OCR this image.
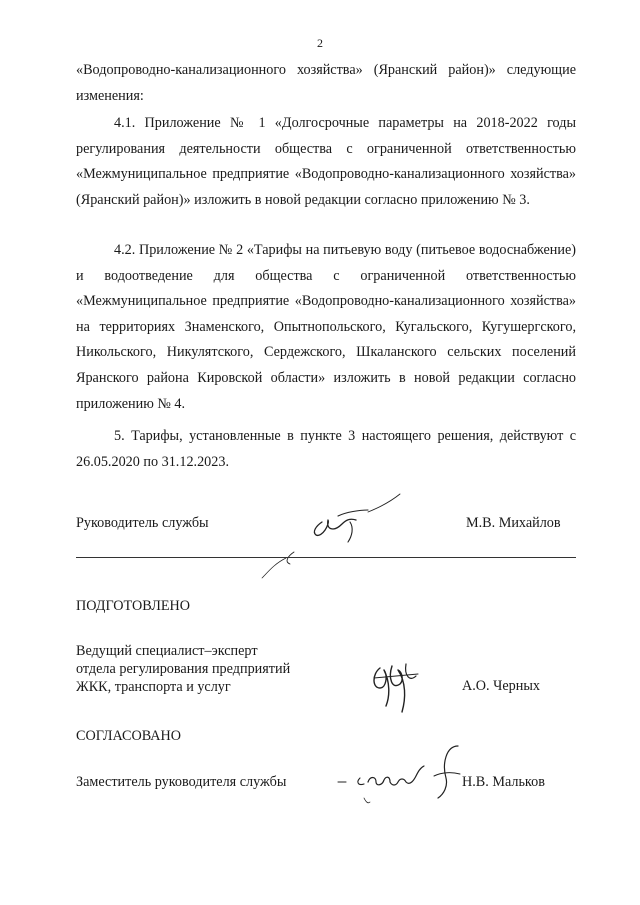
2

«Водопроводно-канализационного хозяйства» (Яранский район)» следующие изменения:

4.1. Приложение № 1 «Долгосрочные параметры на 2018-2022 годы регулирования деятельности общества с ограниченной ответственностью «Межмуниципальное предприятие «Водопроводно-канализационного хозяйства» (Яранский район)» изложить в новой редакции согласно приложению № 3.

4.2. Приложение № 2 «Тарифы на питьевую воду (питьевое водоснабжение) и водоотведение для общества с ограниченной ответственностью «Межмуниципальное предприятие «Водопроводно-канализационного хозяйства» на территориях Знаменского, Опытнопольского, Кугальского, Кугушергского, Никольского, Никулятского, Сердежского, Шкаланского сельских поселений Яранского района Кировской области» изложить в новой редакции согласно приложению № 4.

5. Тарифы, установленные в пункте 3 настоящего решения, действуют с 26.05.2020 по 31.12.2023.

Руководитель службы	М.В. Михайлов
ПОДГОТОВЛЕНО
Ведущий специалист–эксперт
отдела регулирования предприятий
ЖКК, транспорта и услуг	А.О. Черных
СОГЛАСОВАНО
Заместитель руководителя службы	Н.В. Мальков
